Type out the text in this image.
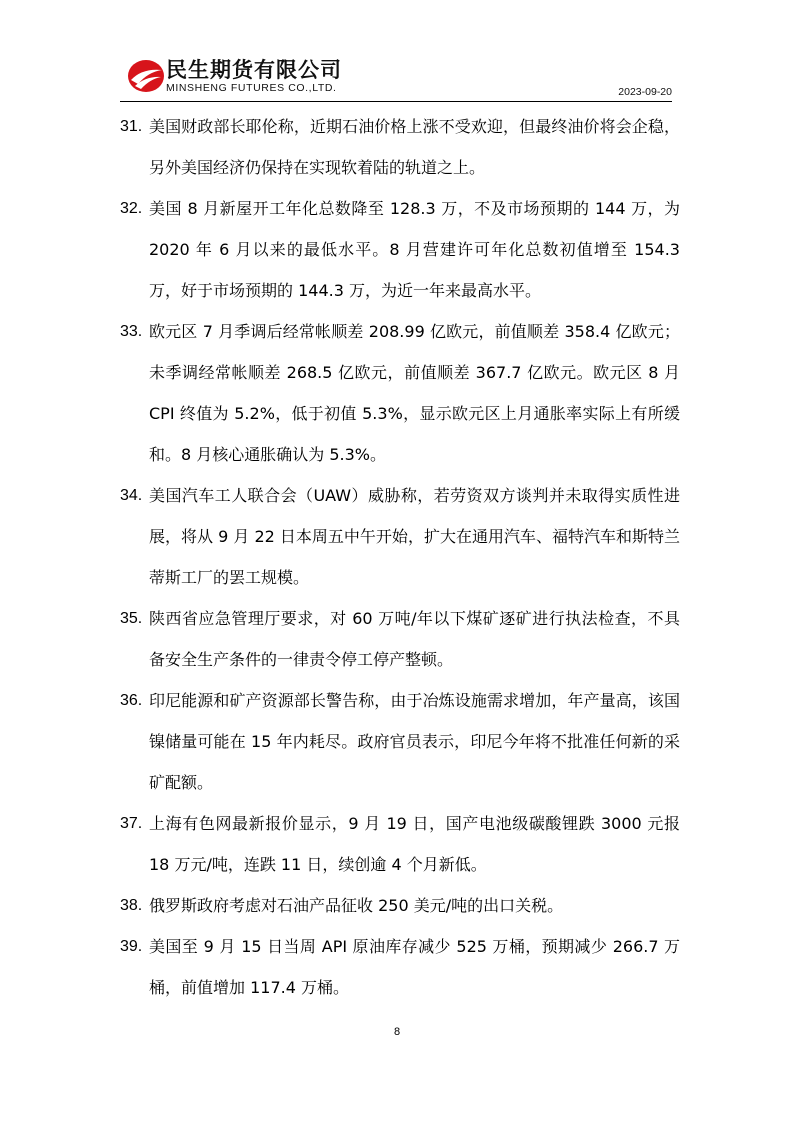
民生期货有限公司
MINSHENG FUTURES CO.,LTD.	2023-09-20
31. 美国财政部长耶伦称，近期石油价格上涨不受欢迎，但最终油价将会企稳，另外美国经济仍保持在实现软着陆的轨道之上。

32. 美国 8 月新屋开工年化总数降至 128.3 万，不及市场预期的 144 万，为 2020 年 6 月以来的最低水平。8 月营建许可年化总数初值增至 154.3 万，好于市场预期的 144.3 万，为近一年来最高水平。

33. 欧元区 7 月季调后经常帐顺差 208.99 亿欧元，前值顺差 358.4 亿欧元；未季调经常帐顺差 268.5 亿欧元，前值顺差 367.7 亿欧元。欧元区 8 月 CPI 终值为 5.2%，低于初值 5.3%，显示欧元区上月通胀率实际上有所缓和。8 月核心通胀确认为 5.3%。

34. 美国汽车工人联合会（UAW）威胁称，若劳资双方谈判并未取得实质性进展，将从 9 月 22 日本周五中午开始，扩大在通用汽车、福特汽车和斯特兰蒂斯工厂的罢工规模。

35. 陕西省应急管理厅要求，对 60 万吨/年以下煤矿逐矿进行执法检查，不具备安全生产条件的一律责令停工停产整顿。

36. 印尼能源和矿产资源部长警告称，由于冶炼设施需求增加，年产量高，该国镍储量可能在 15 年内耗尽。政府官员表示，印尼今年将不批准任何新的采矿配额。

37. 上海有色网最新报价显示，9 月 19 日，国产电池级碳酸锂跌 3000 元报 18 万元/吨，连跌 11 日，续创逾 4 个月新低。

38. 俄罗斯政府考虑对石油产品征收 250 美元/吨的出口关税。

39. 美国至 9 月 15 日当周 API 原油库存减少 525 万桶，预期减少 266.7 万桶，前值增加 117.4 万桶。

8
